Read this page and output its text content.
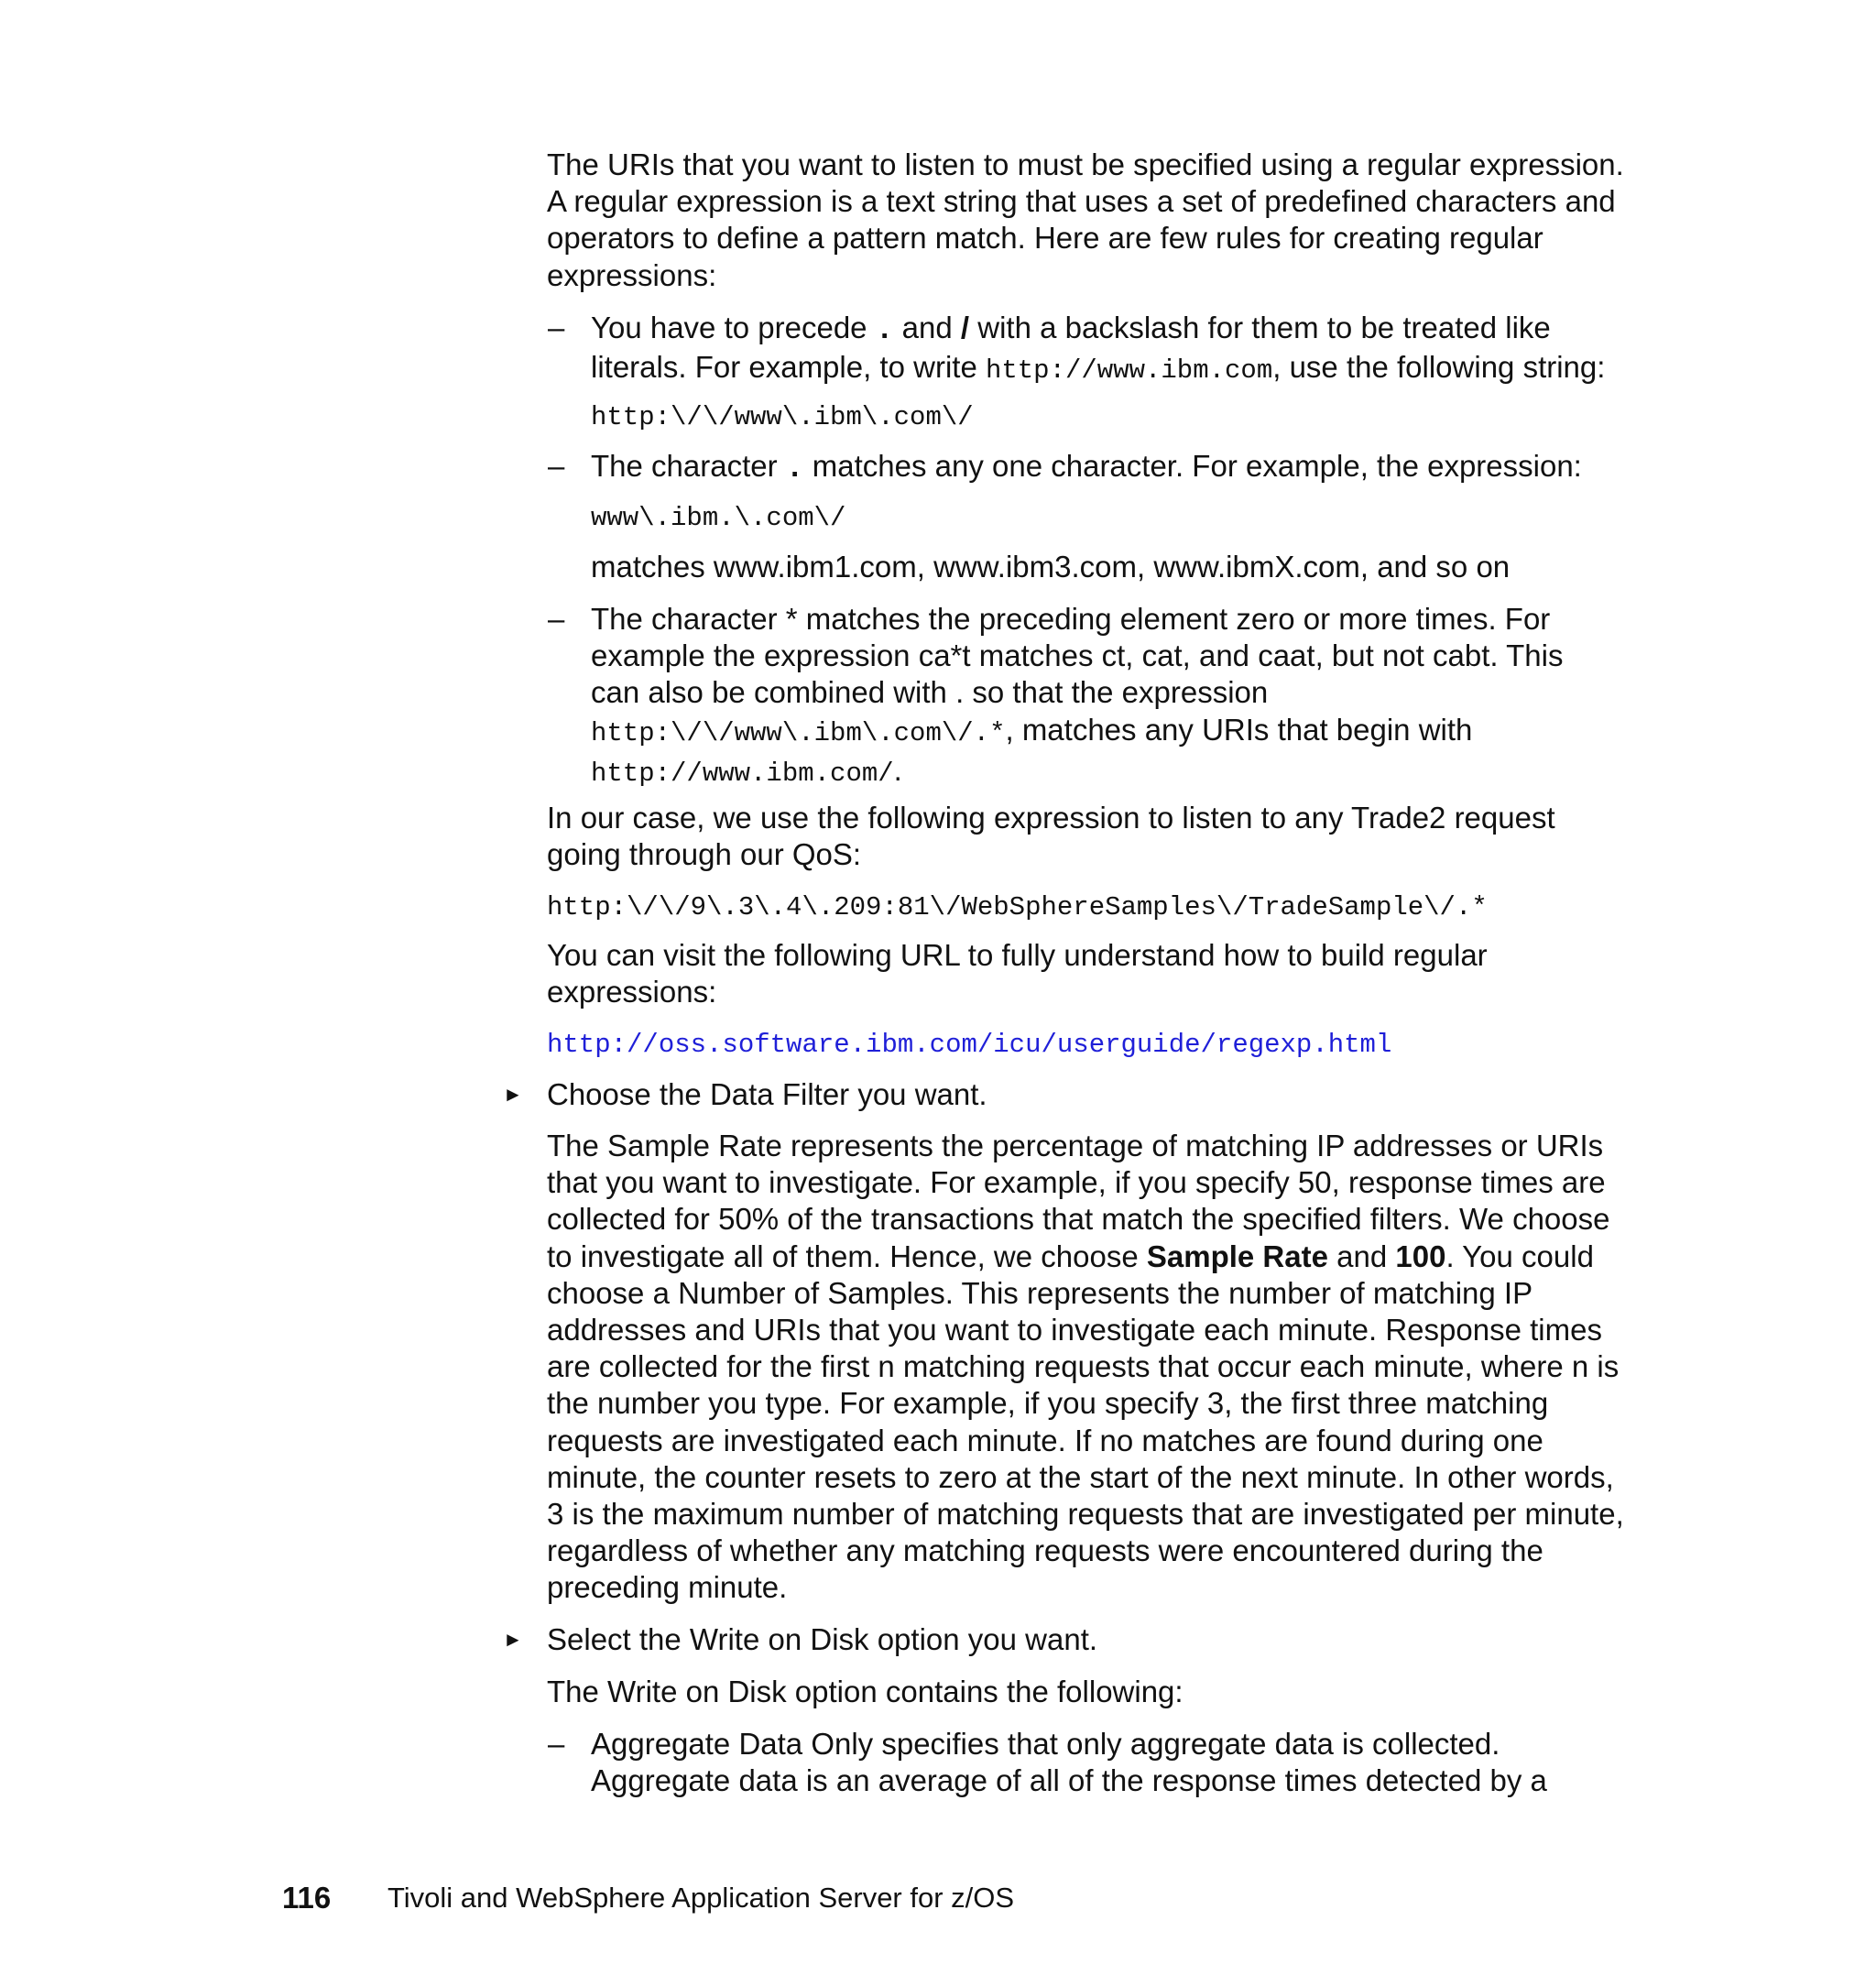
The URIs that you want to listen to must be specified using a regular expression. A regular expression is a text string that uses a set of predefined characters and operators to define a pattern match. Here are few rules for creating regular expressions:

– You have to precede . and / with a backslash for them to be treated like literals. For example, to write http://www.ibm.com, use the following string:

http:\/\/www\.ibm\.com\/
– The character . matches any one character. For example, the expression:

www\.ibm.\.com\/

matches www.ibm1.com, www.ibm3.com, www.ibmX.com, and so on

– The character * matches the preceding element zero or more times. For example the expression ca*t matches ct, cat, and caat, but not cabt. This can also be combined with . so that the expression
http:\/\/www\.ibm\.com\/.*, matches any URIs that begin with
http://www.ibm.com/.

In our case, we use the following expression to listen to any Trade2 request going through our QoS:

http:\/\/9\.3\.4\.209:81\/WebSphereSamples\/TradeSample\/.*

You can visit the following URL to fully understand how to build regular expressions:

http://oss.software.ibm.com/icu/userguide/regexp.html
► Choose the Data Filter you want.

The Sample Rate represents the percentage of matching IP addresses or URIs that you want to investigate. For example, if you specify 50, response times are collected for 50% of the transactions that match the specified filters. We choose to investigate all of them. Hence, we choose Sample Rate and 100. You could choose a Number of Samples. This represents the number of matching IP addresses and URIs that you want to investigate each minute. Response times are collected for the first n matching requests that occur each minute, where n is the number you type. For example, if you specify 3, the first three matching requests are investigated each minute. If no matches are found during one minute, the counter resets to zero at the start of the next minute. In other words, 3 is the maximum number of matching requests that are investigated per minute, regardless of whether any matching requests were encountered during the preceding minute.

► Select the Write on Disk option you want.

The Write on Disk option contains the following:

– Aggregate Data Only specifies that only aggregate data is collected. Aggregate data is an average of all of the response times detected by a

116 Tivoli and WebSphere Application Server for z/OS
